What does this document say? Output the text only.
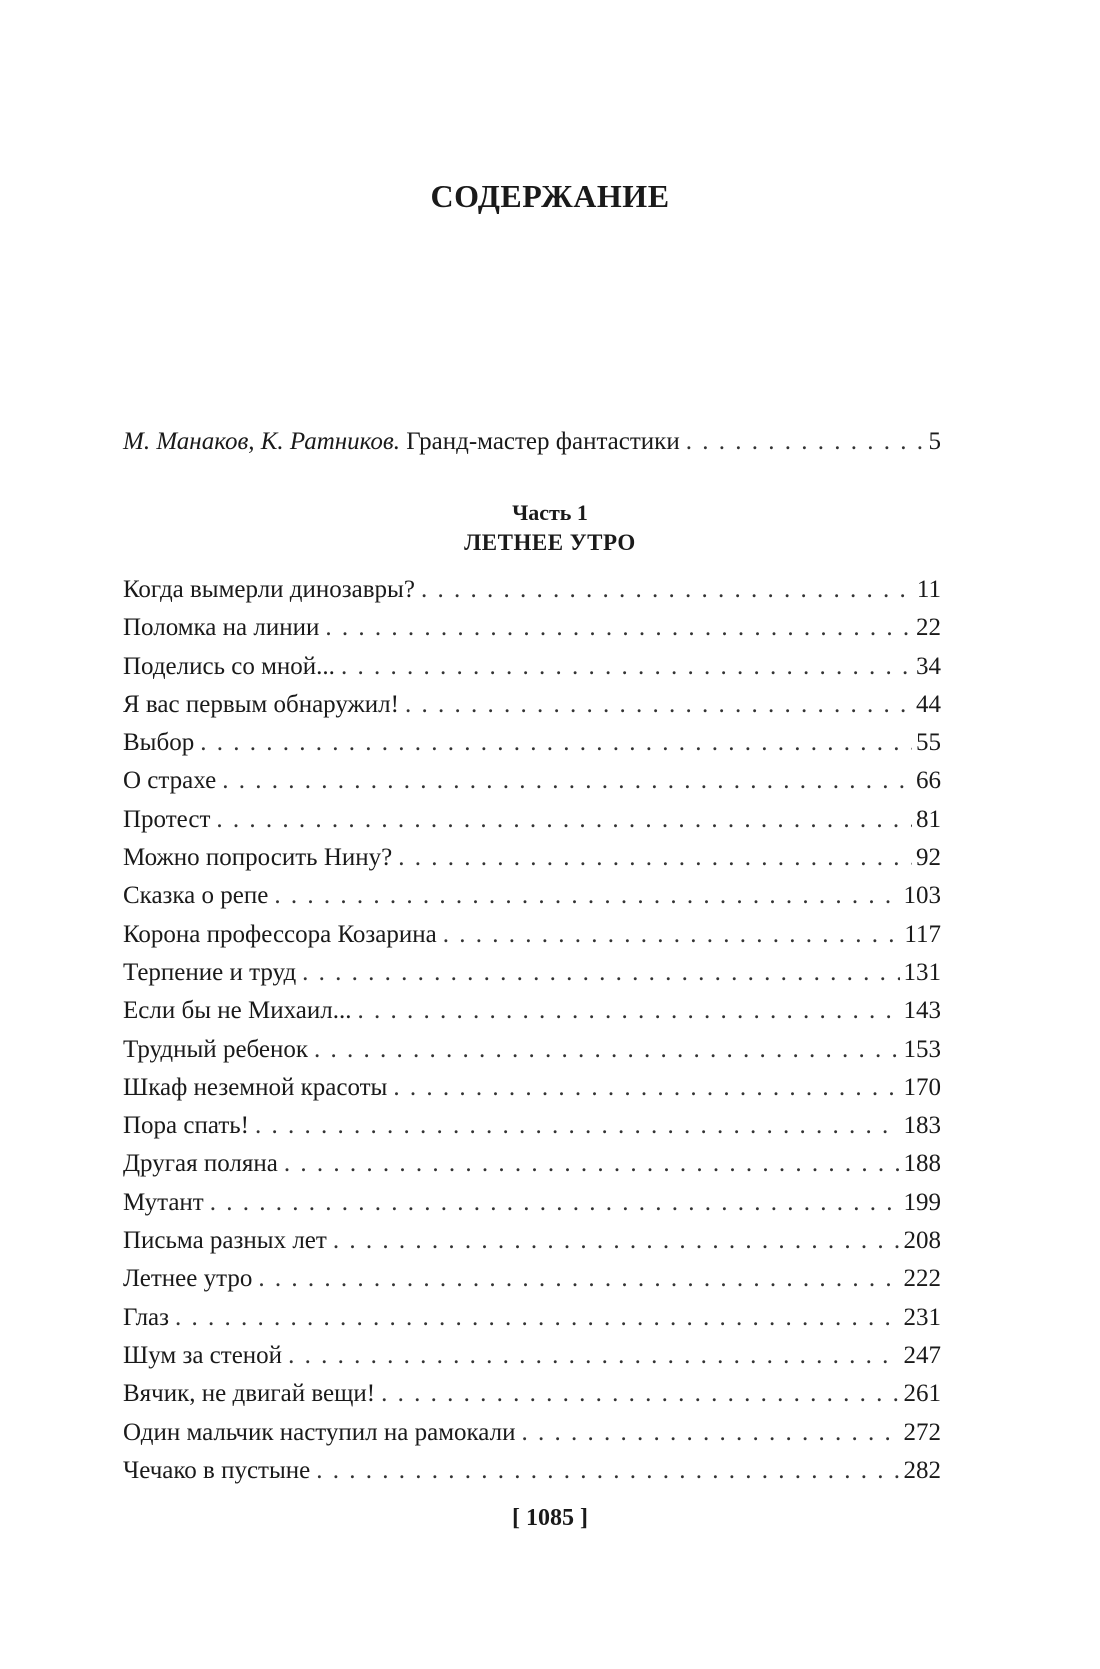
СОДЕРЖАНИЕ
М. Манаков, К. Ратников. Гранд-мастер фантастики . . .	5
Часть 1
ЛЕТНЕЕ УТРО
Когда вымерли динозавры? . . .	11
Поломка на линии . . .	22
Поделись со мной... . . .	34
Я вас первым обнаружил! . . .	44
Выбор . . .	55
О страхе . . .	66
Протест . . .	81
Можно попросить Нину? . . .	92
Сказка о репе . . .	103
Корона профессора Козарина . . .	117
Терпение и труд . . .	131
Если бы не Михаил... . . .	143
Трудный ребенок . . .	153
Шкаф неземной красоты . . .	170
Пора спать! . . .	183
Другая поляна . . .	188
Мутант . . .	199
Письма разных лет . . .	208
Летнее утро . . .	222
Глаз . . .	231
Шум за стеной . . .	247
Вячик, не двигай вещи! . . .	261
Один мальчик наступил на рамокали . . .	272
Чечако в пустыне . . .	282
[ 1085 ]
